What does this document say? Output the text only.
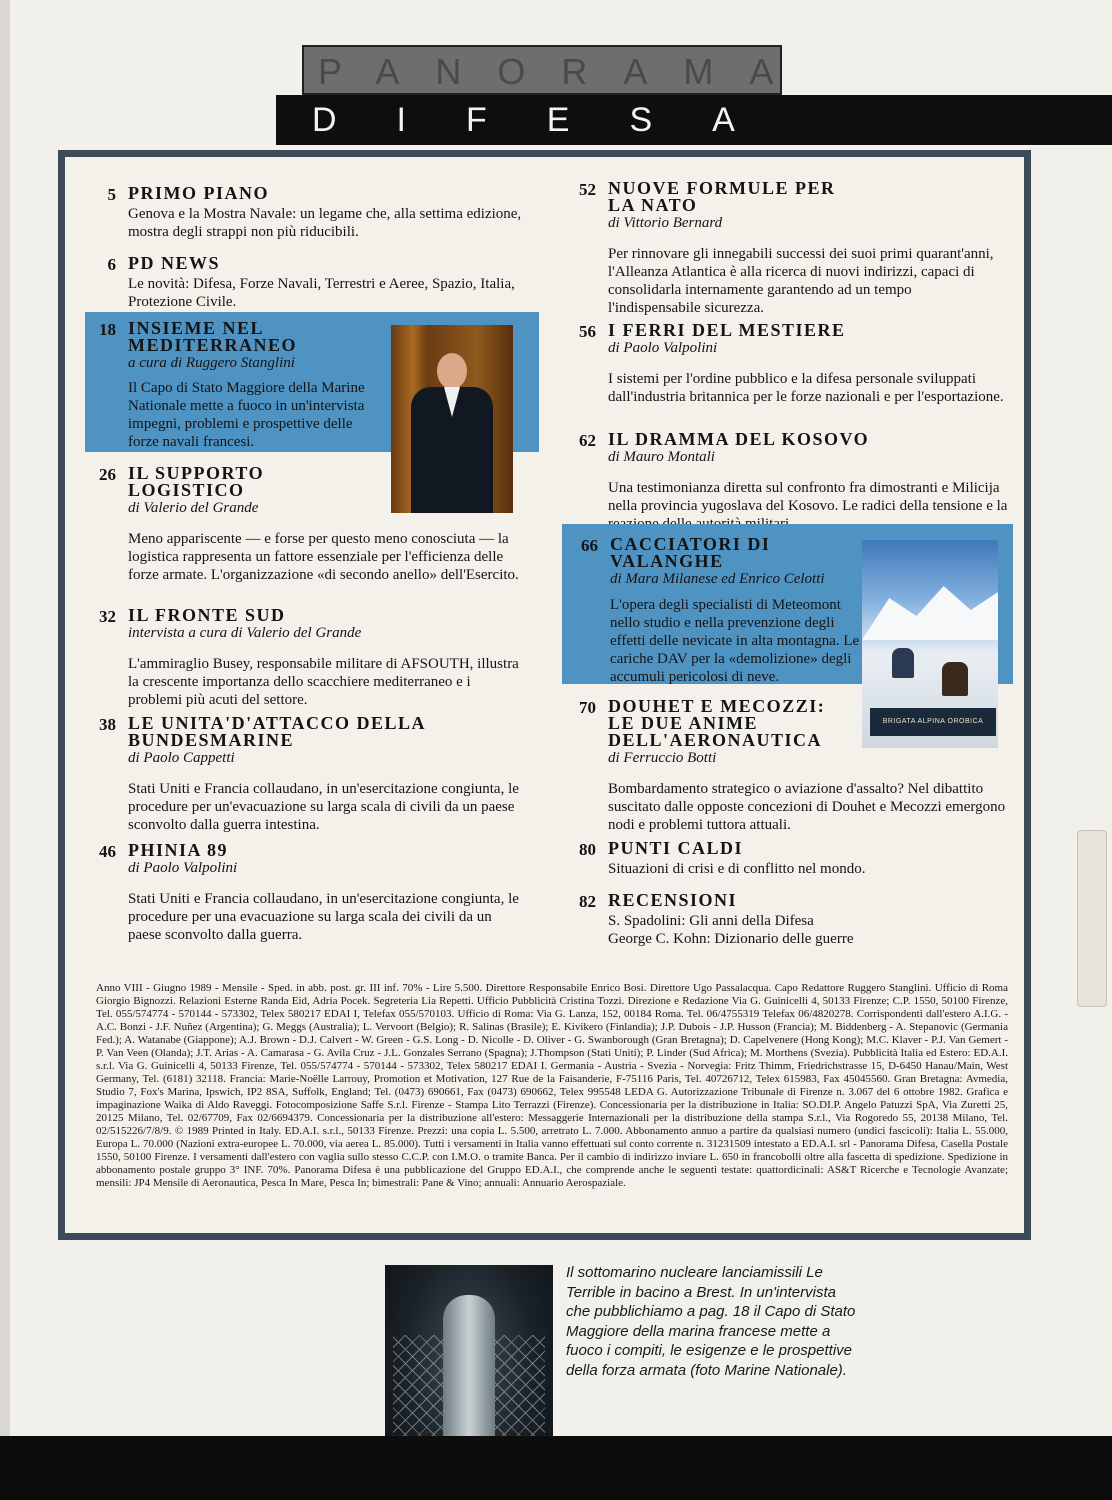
PANORAMA
DIFESA
5 PRIMO PIANO
Genova e la Mostra Navale: un legame che, alla settima edizione, mostra degli strappi non più riducibili.
6 PD NEWS
Le novità: Difesa, Forze Navali, Terrestri e Aeree, Spazio, Italia, Protezione Civile.
18 INSIEME NEL MEDITERRANEO
a cura di Ruggero Stanglini
Il Capo di Stato Maggiore della Marine Nationale mette a fuoco in un'intervista impegni, problemi e prospettive delle forze navali francesi.
26 IL SUPPORTO LOGISTICO
di Valerio del Grande
Meno appariscente — e forse per questo meno conosciuta — la logistica rappresenta un fattore essenziale per l'efficienza delle forze armate. L'organizzazione «di secondo anello» dell'Esercito.
32 IL FRONTE SUD
intervista a cura di Valerio del Grande
L'ammiraglio Busey, responsabile militare di AFSOUTH, illustra la crescente importanza dello scacchiere mediterraneo e i problemi più acuti del settore.
38 LE UNITA'D'ATTACCO DELLA BUNDESMARINE
di Paolo Cappetti
Stati Uniti e Francia collaudano, in un'esercitazione congiunta, le procedure per un'evacuazione su larga scala di civili da un paese sconvolto dalla guerra intestina.
46 PHINIA 89
di Paolo Valpolini
Stati Uniti e Francia collaudano, in un'esercitazione congiunta, le procedure per una evacuazione su larga scala dei civili da un paese sconvolto dalla guerra.
52 NUOVE FORMULE PER LA NATO
di Vittorio Bernard
Per rinnovare gli innegabili successi dei suoi primi quarant'anni, l'Alleanza Atlantica è alla ricerca di nuovi indirizzi, capaci di consolidarla internamente garantendo ad un tempo l'indispensabile sicurezza.
56 I FERRI DEL MESTIERE
di Paolo Valpolini
I sistemi per l'ordine pubblico e la difesa personale sviluppati dall'industria britannica per le forze nazionali e per l'esportazione.
62 IL DRAMMA DEL KOSOVO
di Mauro Montali
Una testimonianza diretta sul confronto fra dimostranti e Milicija nella provincia yugoslava del Kosovo. Le radici della tensione e la
66 CACCIATORI DI VALANGHE
di Mara Milanese ed Enrico Celotti
L'opera degli specialisti di Meteomont nello studio e nella prevenzione degli effetti delle nevicate in alta montagna. Le cariche DAV per la «demolizione» degli accumuli pericolosi di neve.
BRIGATA ALPINA OROBICA
70 DOUHET E MECOZZI: LE DUE ANIME DELL'AERONAUTICA
di Ferruccio Botti
Bombardamento strategico o aviazione d'assalto? Nel dibattito suscitato dalle opposte concezioni di Douhet e Mecozzi emergono nodi e problemi tuttora attuali.
80 PUNTI CALDI
Situazioni di crisi e di conflitto nel mondo.
82 RECENSIONI
S. Spadolini: Gli anni della Difesa
George C. Kohn: Dizionario delle guerre
Anno VIII - Giugno 1989 - Mensile - Sped. in abb. post. gr. III inf. 70% - Lire 5.500. Direttore Responsabile Enrico Bosi. Direttore Ugo Passalacqua. Capo Redattore Ruggero Stanglini. Ufficio di Roma Giorgio Bignozzi. Relazioni Esterne Randa Eid, Adria Pocek. Segreteria Lia Repetti. Ufficio Pubblicità Cristina Tozzi. Direzione e Redazione Via G. Guinicelli 4, 50133 Firenze; C.P. 1550, 50100 Firenze, Tel. 055/574774 - 570144 - 573302, Telex 580217 EDAI I, Telefax 055/570103. Ufficio di Roma: Via G. Lanza, 152, 00184 Roma. Tel. 06/4755319 Telefax 06/4820278. Corrispondenti dall'estero A.I.G. - A.C. Bonzi - J.F. Nuñez (Argentina); G. Meggs (Australia); L. Vervoort (Belgio); R. Salinas (Brasile); E. Kivikero (Finlandia); J.P. Dubois - J.P. Husson (Francia); M. Biddenberg - A. Stepanovic (Germania Fed.); A. Watanabe (Giappone); A.J. Brown - D.J. Calvert - W. Green - G.S. Long - D. Nicolle - D. Oliver - G. Swanborough (Gran Bretagna); D. Capelvenere (Hong Kong); M.C. Klaver - P.J. Van Gemert - P. Van Veen (Olanda); J.T. Arias - A. Camarasa - G. Avila Cruz - J.L. Gonzales Serrano (Spagna); J.Thompson (Stati Uniti); P. Linder (Sud Africa); M. Morthens (Svezia). Pubblicità Italia ed Estero: ED.A.I. s.r.l. Via G. Guinicelli 4, 50133 Firenze, Tel. 055/574774 - 570144 - 573302, Telex 580217 EDAI I. Germania - Austria - Svezia - Norvegia: Fritz Thimm, Friedrichstrasse 15, D-6450 Hanau/Main, West Germany, Tel. (6181) 32118. Francia: Marie-Noëlle Larrouy, Promotion et Motivation, 127 Rue de la Faisanderie, F-75116 Paris, Tel. 40726712, Telex 615983, Fax 45045560. Gran Bretagna: Avmedia, Studio 7, Fox's Marina, Ipswich, IP2 8SA, Suffolk, England; Tel. (0473) 690661, Fax (0473) 690662, Telex 995548 LEDA G. Autorizzazione Tribunale di Firenze n. 3.067 del 6 ottobre 1982. Grafica e impaginazione Waika di Aldo Raveggi. Fotocomposizione Saffe S.r.l. Firenze - Stampa Lito Terrazzi (Firenze). Concessionaria per la distribuzione in Italia: SO.DI.P. Angelo Patuzzi SpA, Via Zuretti 25, 20125 Milano, Tel. 02/67709, Fax 02/6694379. Concessionaria per la distribuzione all'estero: Messaggerie Internazionali per la distribuzione della stampa S.r.l., Via Rogoredo 55, 20138 Milano, Tel. 02/515226/7/8/9. © 1989 Printed in Italy. ED.A.I. s.r.l., 50133 Firenze. Prezzi: una copia L. 5.500, arretrato L. 7.000. Abbonamento annuo a partire da qualsiasi numero (undici fascicoli): Italia L. 55.000, Europa L. 70.000 (Nazioni extra-europee L. 70.000, via aerea L. 85.000). Tutti i versamenti in Italia vanno effettuati sul conto corrente n. 31231509 intestato a ED.A.I. srl - Panorama Difesa, Casella Postale 1550, 50100 Firenze. I versamenti dall'estero con vaglia sullo stesso C.C.P. con I.M.O. o tramite Banca. Per il cambio di indirizzo inviare L. 650 in francobolli oltre alla fascetta di spedizione. Spedizione in abbonamento postale gruppo 3° INF. 70%. Panorama Difesa è una pubblicazione del Gruppo ED.A.I., che comprende anche le seguenti testate: quattordicinali: AS&T Ricerche e Tecnologie Avanzate; mensili: JP4 Mensile di Aeronautica, Pesca In Mare, Pesca In; bimestrali: Pane & Vino; annuali: Annuario Aerospaziale.
Il sottomarino nucleare lanciamissili Le Terrible in bacino a Brest. In un'intervista che pubblichiamo a pag. 18 il Capo di Stato Maggiore della marina francese mette a fuoco i compiti, le esigenze e le prospettive della forza armata (foto Marine Nationale).
